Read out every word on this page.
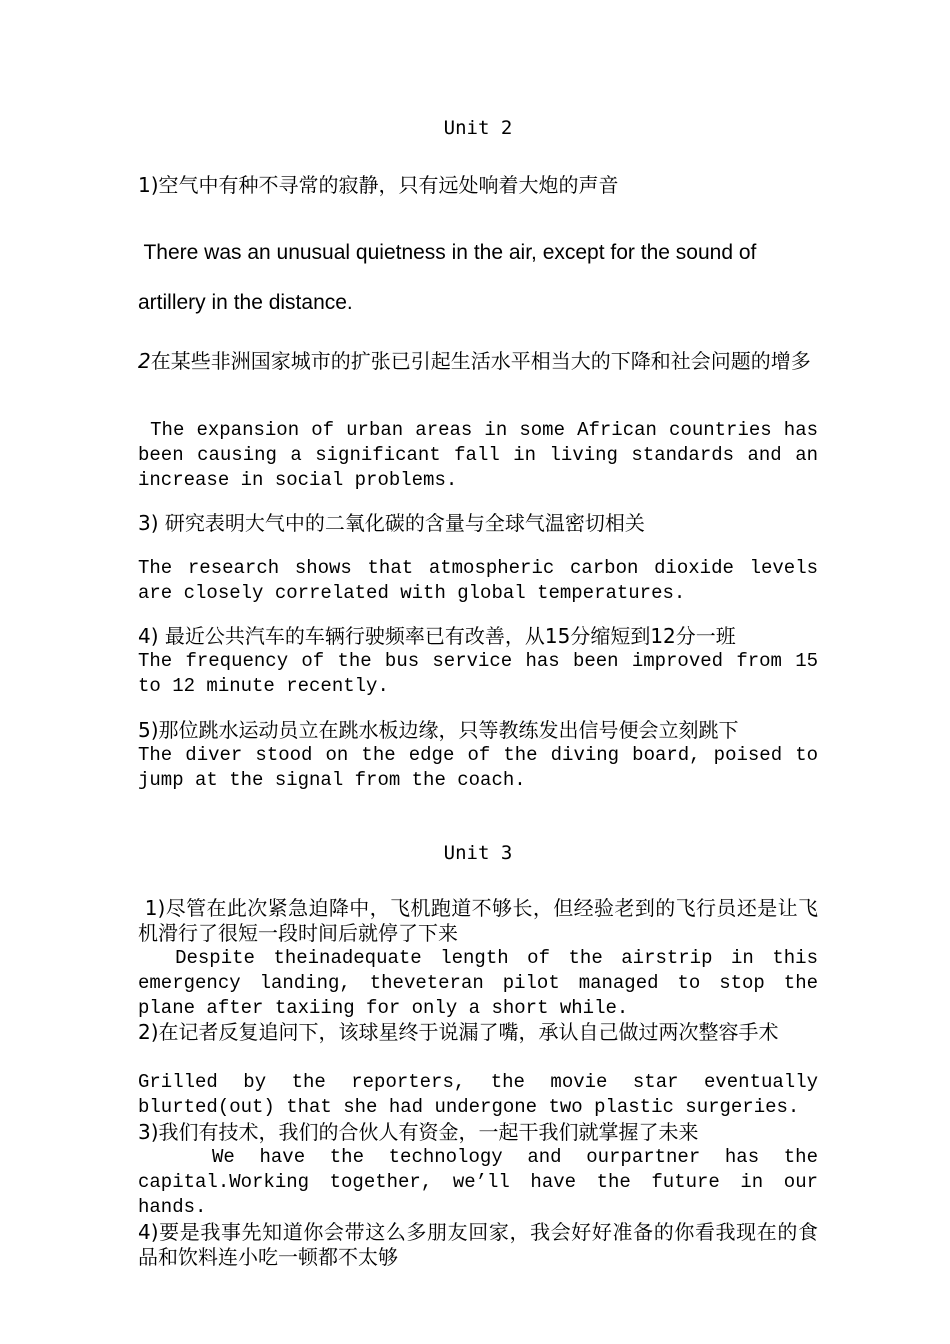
Unit 2
1)空气中有种不寻常的寂静，只有远处响着大炮的声音
There was an unusual quietness in the air, except for the sound of
artillery in the distance.
2在某些非洲国家城市的扩张已引起生活水平相当大的下降和社会问题的增多
The expansion of urban areas in some African countries has been causing a significant fall in living standards and an increase in social problems.
3) 研究表明大气中的二氧化碳的含量与全球气温密切相关
The research shows that atmospheric carbon dioxide levels are closely correlated with global temperatures.
4) 最近公共汽车的车辆行驶频率已有改善，从15分缩短到12分一班
The frequency of the bus service has been improved from 15 to 12 minute recently.
5)那位跳水运动员立在跳水板边缘，只等教练发出信号便会立刻跳下
The diver stood on the edge of the diving board, poised to jump at the signal from the coach.
Unit 3
1)尽管在此次紧急迫降中，飞机跑道不够长，但经验老到的飞行员还是让飞机滑行了很短一段时间后就停了下来
Despite theinadequate length of the airstrip in this emergency landing, theveteran pilot managed to stop the plane after taxiing for only a short while.
2)在记者反复追问下，该球星终于说漏了嘴，承认自己做过两次整容手术
Grilled by the reporters, the movie star eventually blurted(out) that she had undergone two plastic surgeries.
3)我们有技术，我们的合伙人有资金，一起干我们就掌握了未来
We have the technology and ourpartner has the capital.Working together, we’ll have the future in our hands.
4)要是我事先知道你会带这么多朋友回家，我会好好准备的你看我现在的食品和饮料连小吃一顿都不太够
